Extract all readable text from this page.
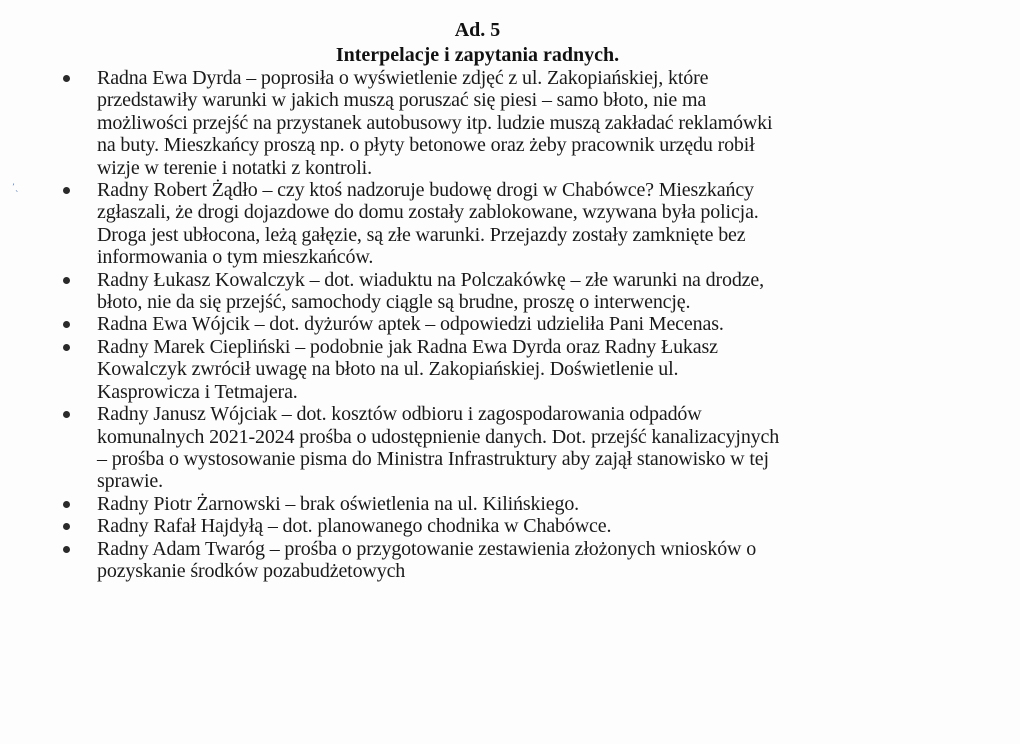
ʼˎ
Ad. 5
Interpelacje i zapytania radnych.
Radna Ewa Dyrda – poprosiła o wyświetlenie zdjęć z ul. Zakopiańskiej, które
przedstawiły warunki w jakich muszą poruszać się piesi – samo błoto, nie ma
możliwości przejść na przystanek autobusowy itp. ludzie muszą zakładać reklamówki
na buty. Mieszkańcy proszą np. o płyty betonowe oraz żeby pracownik urzędu robił
wizje w terenie i notatki z kontroli.
Radny Robert Żądło – czy ktoś nadzoruje budowę drogi w Chabówce? Mieszkańcy
zgłaszali, że drogi dojazdowe do domu zostały zablokowane, wzywana była policja.
Droga jest ubłocona, leżą gałęzie, są złe warunki. Przejazdy zostały zamknięte bez
informowania o tym mieszkańców.
Radny Łukasz Kowalczyk – dot. wiaduktu na Polczakówkę – złe warunki na drodze,
błoto, nie da się przejść, samochody ciągle są brudne, proszę o interwencję.
Radna Ewa Wójcik – dot. dyżurów aptek – odpowiedzi udzieliła Pani Mecenas.
Radny Marek Ciepliński – podobnie jak Radna Ewa Dyrda oraz Radny Łukasz
Kowalczyk zwrócił uwagę na błoto na ul. Zakopiańskiej. Doświetlenie ul.
Kasprowicza i Tetmajera.
Radny Janusz Wójciak – dot. kosztów odbioru i zagospodarowania odpadów
komunalnych 2021-2024 prośba o udostępnienie danych. Dot. przejść kanalizacyjnych
– prośba o wystosowanie pisma do Ministra Infrastruktury aby zajął stanowisko w tej
sprawie.
Radny Piotr Żarnowski – brak oświetlenia na ul. Kilińskiego.
Radny Rafał Hajdyłą – dot. planowanego chodnika w Chabówce.
Radny Adam Twaróg – prośba o przygotowanie zestawienia złożonych wniosków o
pozyskanie środków pozabudżetowych
